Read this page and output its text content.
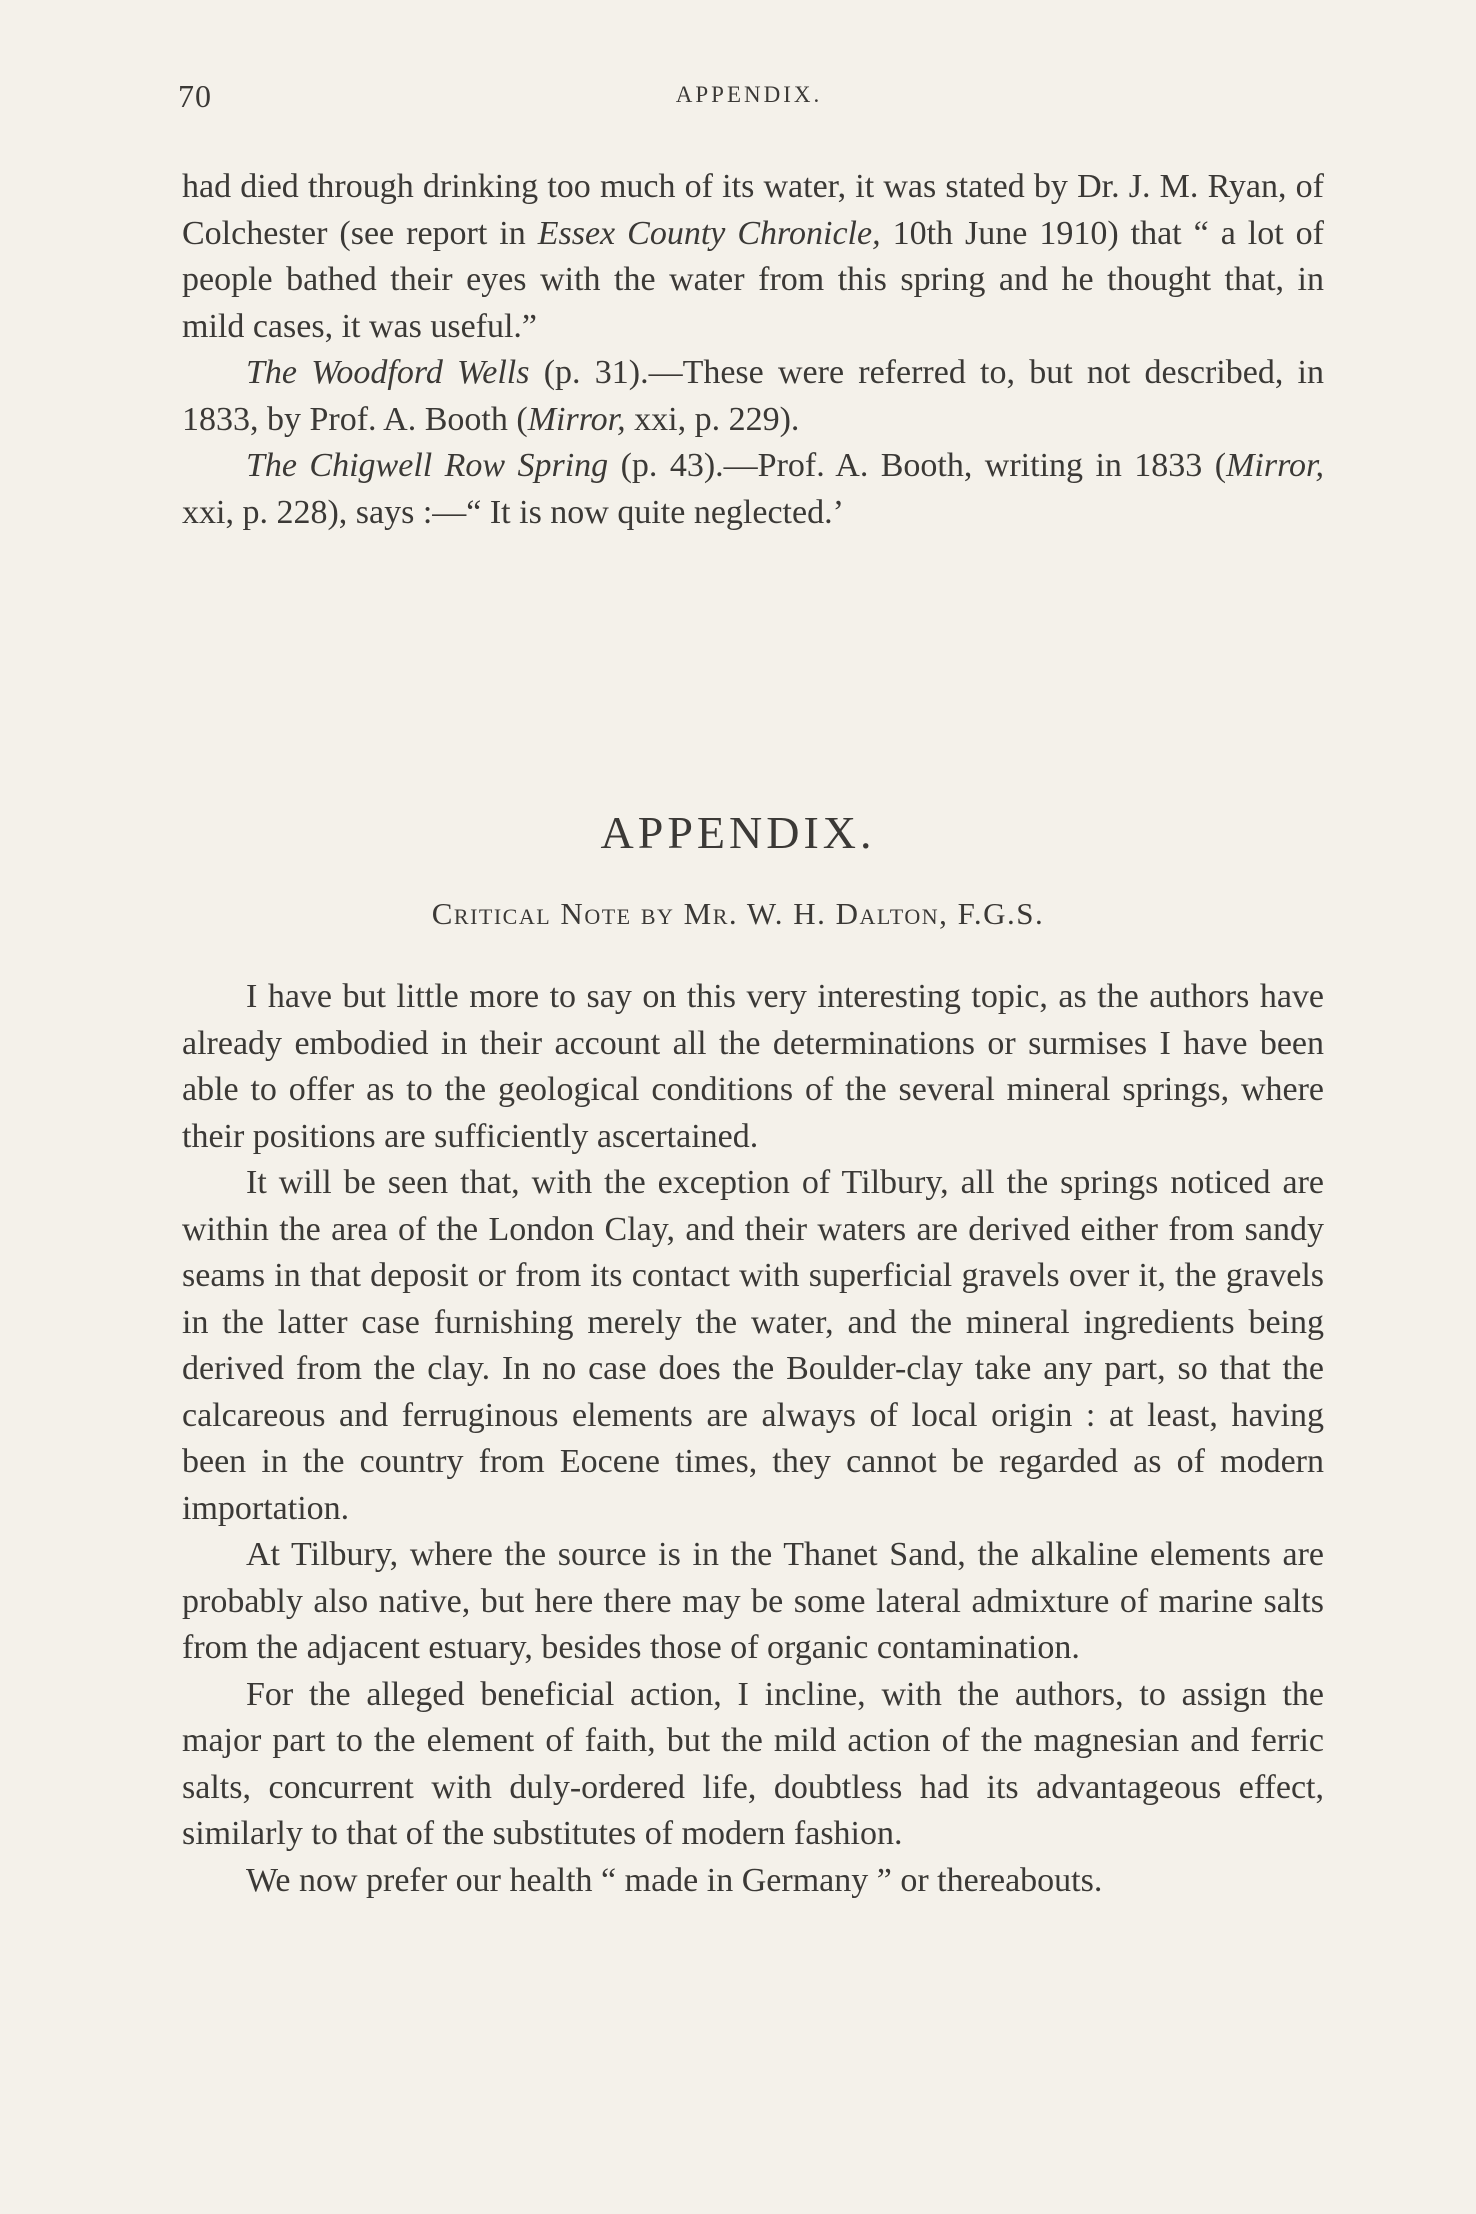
70	APPENDIX.

had died through drinking too much of its water, it was stated by Dr. J. M. Ryan, of Colchester (see report in Essex County Chronicle, 10th June 1910) that “ a lot of people bathed their eyes with the water from this spring and he thought that, in mild cases, it was useful.”

The Woodford Wells (p. 31).—These were referred to, but not described, in 1833, by Prof. A. Booth (Mirror, xxi, p. 229).

The Chigwell Row Spring (p. 43).—Prof. A. Booth, writing in 1833 (Mirror, xxi, p. 228), says :—“ It is now quite neglected.’

APPENDIX.
Critical Note by Mr. W. H. Dalton, F.G.S.

I have but little more to say on this very interesting topic, as the authors have already embodied in their account all the determinations or surmises I have been able to offer as to the geological conditions of the several mineral springs, where their positions are sufficiently ascertained.

It will be seen that, with the exception of Tilbury, all the springs noticed are within the area of the London Clay, and their waters are derived either from sandy seams in that deposit or from its contact with superficial gravels over it, the gravels in the latter case furnishing merely the water, and the mineral ingredients being derived from the clay. In no case does the Boulder-clay take any part, so that the calcareous and ferruginous elements are always of local origin : at least, having been in the country from Eocene times, they cannot be regarded as of modern importation.

At Tilbury, where the source is in the Thanet Sand, the alkaline elements are probably also native, but here there may be some lateral admixture of marine salts from the adjacent estuary, besides those of organic contamination.

For the alleged beneficial action, I incline, with the authors, to assign the major part to the element of faith, but the mild action of the magnesian and ferric salts, concurrent with duly-ordered life, doubtless had its advantageous effect, similarly to that of the substitutes of modern fashion.

We now prefer our health “ made in Germany ” or thereabouts.
